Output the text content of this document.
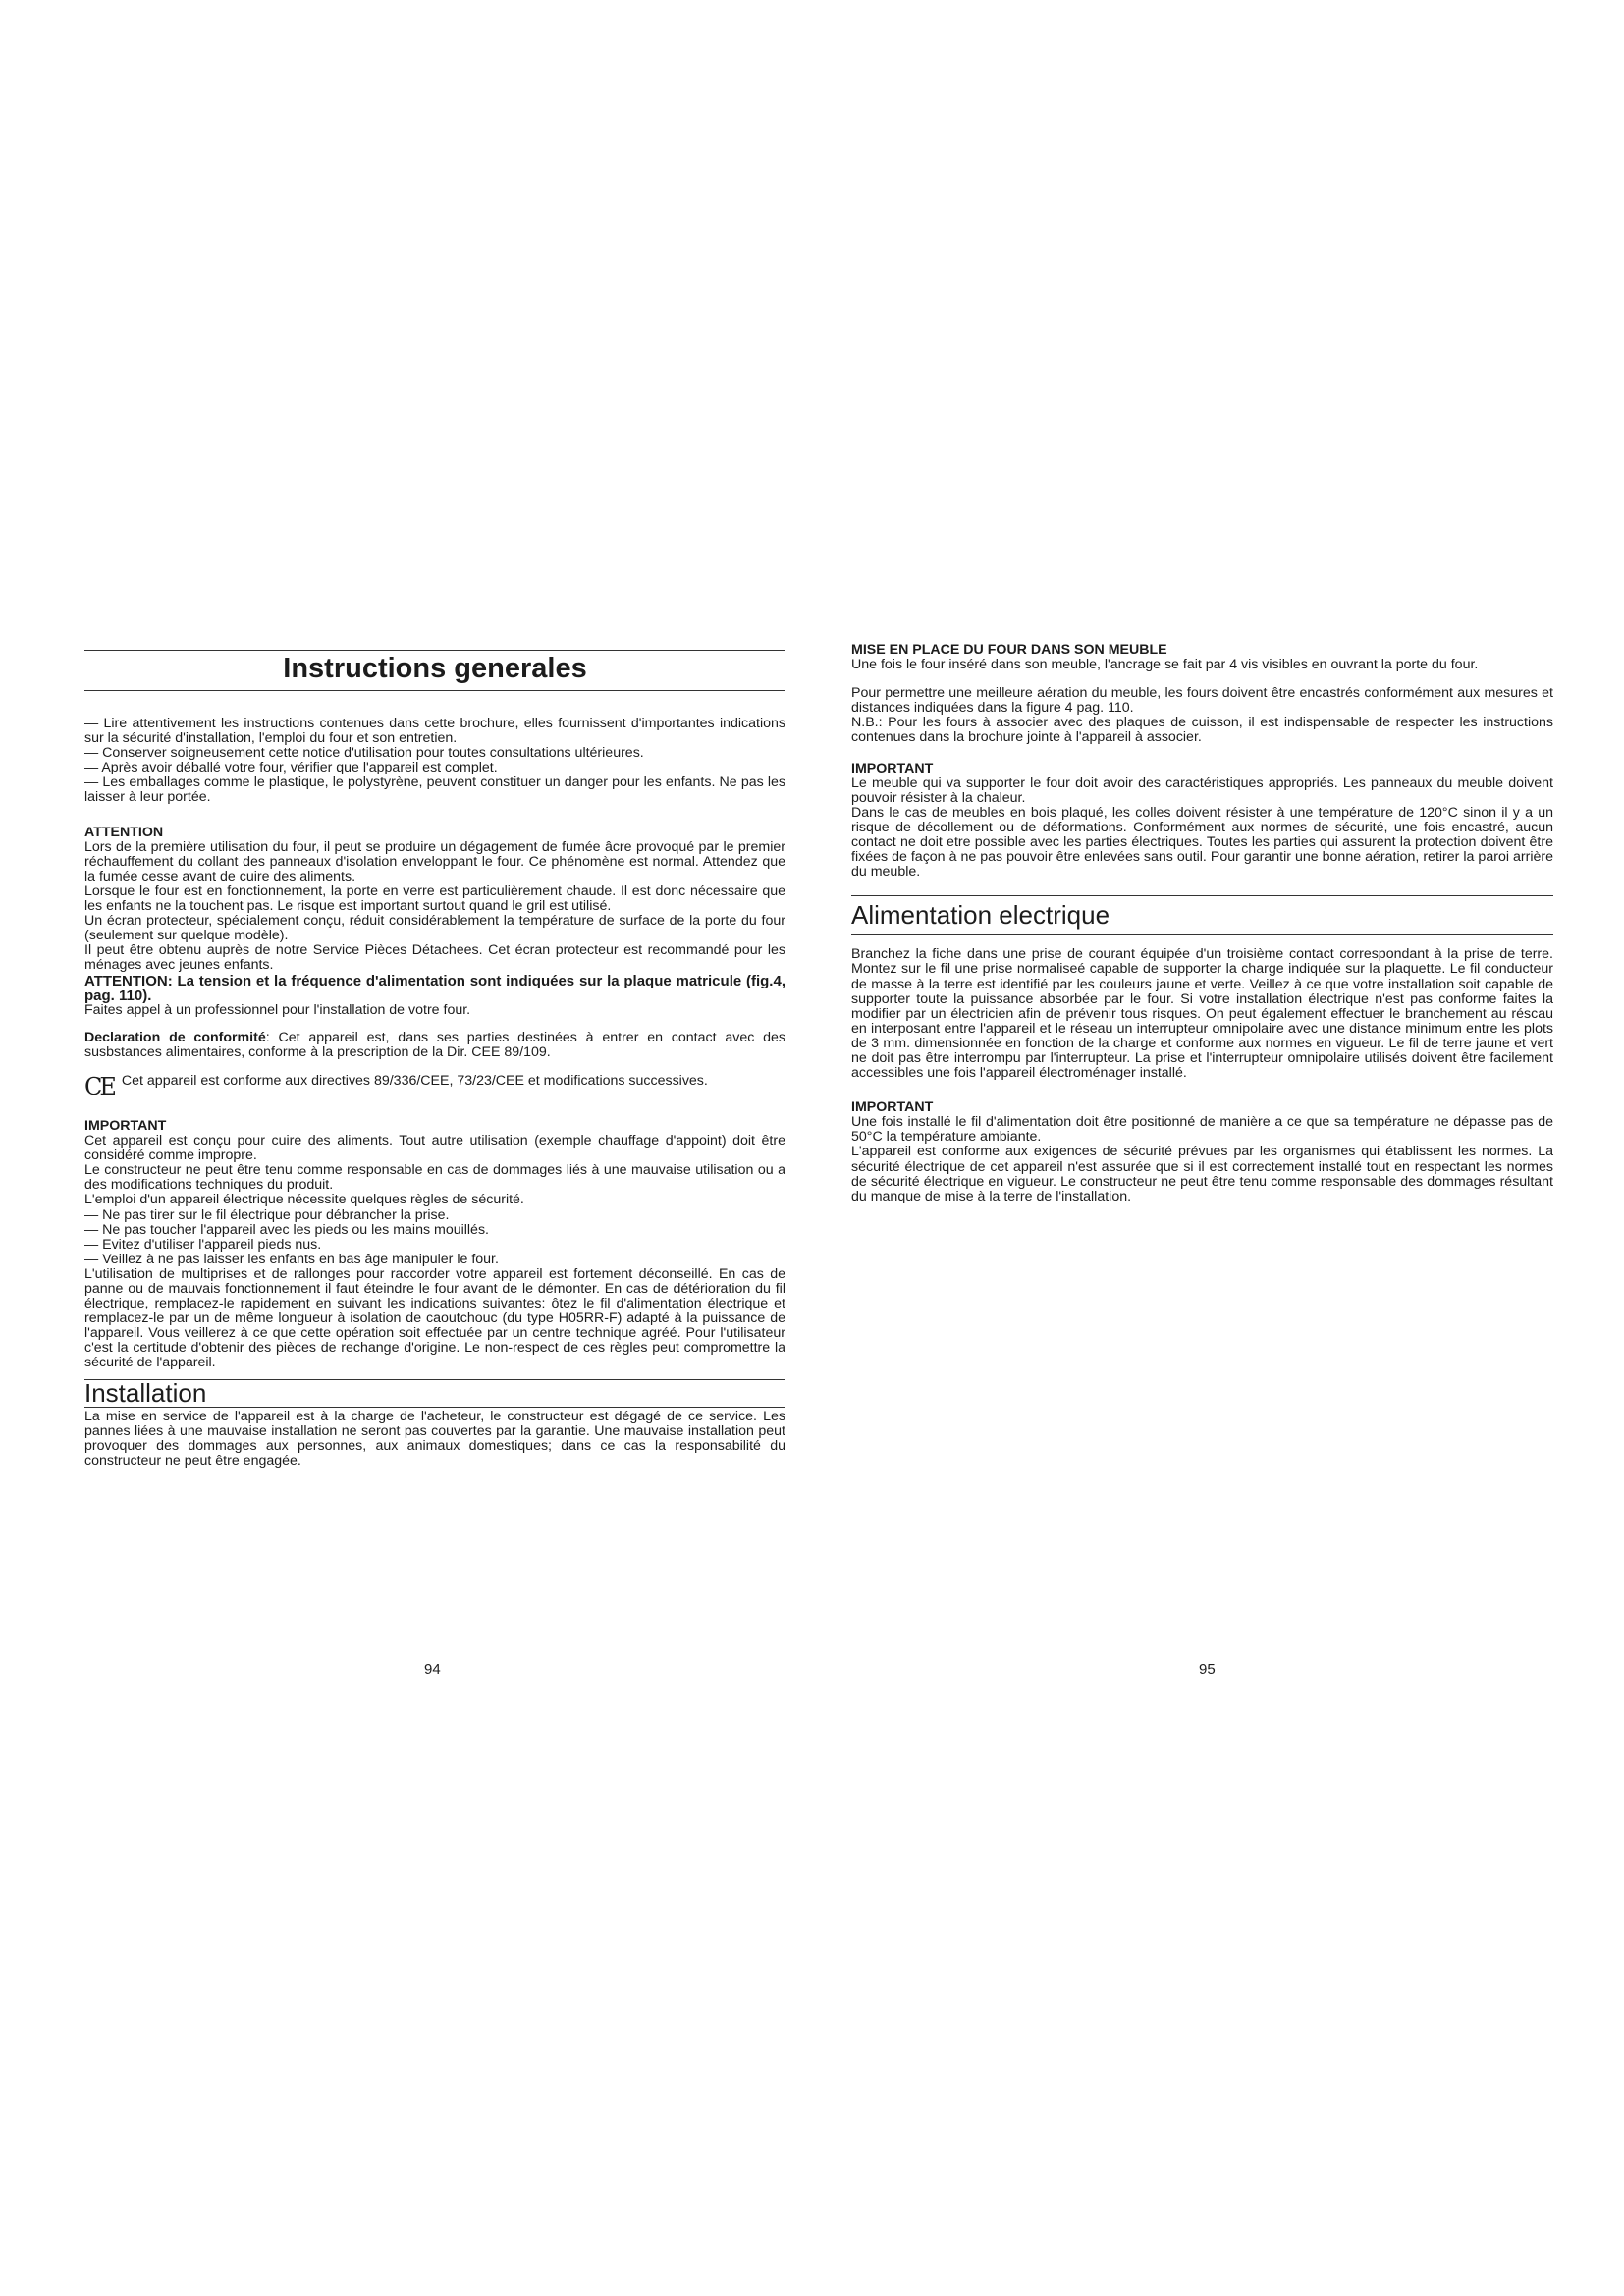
Instructions generales

— Lire attentivement les instructions contenues dans cette brochure, elles fournissent d'importantes indications sur la sécurité d'installation, l'emploi du four et son entretien.

— Conserver soigneusement cette notice d'utilisation pour toutes consultations ultérieures.

— Après avoir déballé votre four, vérifier que l'appareil est complet.

— Les emballages comme le plastique, le polystyrène, peuvent constituer un danger pour les enfants. Ne pas les laisser à leur portée.

ATTENTION

Lors de la première utilisation du four, il peut se produire un dégagement de fumée âcre provoqué par le premier réchauffement du collant des panneaux d'isolation enveloppant le four. Ce phénomène est normal. Attendez que la fumée cesse avant de cuire des aliments.

Lorsque le four est en fonctionnement, la porte en verre est particulièrement chaude. Il est donc nécessaire que les enfants ne la touchent pas. Le risque est important surtout quand le gril est utilisé.

Un écran protecteur, spécialement conçu, réduit considérablement la température de surface de la porte du four (seulement sur quelque modèle).

Il peut être obtenu auprès de notre Service Pièces Détachees. Cet écran protecteur est recommandé pour les ménages avec jeunes enfants.

ATTENTION: La tension et la fréquence d'alimentation sont indiquées sur la plaque matricule (fig.4, pag. 110).

Faites appel à un professionnel pour l'installation de votre four.

Declaration de conformité: Cet appareil est, dans ses parties destinées à entrer en contact avec des susbstances alimentaires, conforme à la prescription de la Dir. CEE 89/109.

CE Cet appareil est conforme aux directives 89/336/CEE, 73/23/CEE et modifications successives.

IMPORTANT

Cet appareil est conçu pour cuire des aliments. Tout autre utilisation (exemple chauffage d'appoint) doit être considéré comme impropre.

Le constructeur ne peut être tenu comme responsable en cas de dommages liés à une mauvaise utilisation ou a des modifications techniques du produit.

L'emploi d'un appareil électrique nécessite quelques règles de sécurité.

— Ne pas tirer sur le fil électrique pour débrancher la prise.

— Ne pas toucher l'appareil avec les pieds ou les mains mouillés.

— Evitez d'utiliser l'appareil pieds nus.

— Veillez à ne pas laisser les enfants en bas âge manipuler le four.

L'utilisation de multiprises et de rallonges pour raccorder votre appareil est fortement déconseillé. En cas de panne ou de mauvais fonctionnement il faut éteindre le four avant de le démonter. En cas de détérioration du fil électrique, remplacez-le rapidement en suivant les indications suivantes: ôtez le fil d'alimentation électrique et remplacez-le par un de même longueur à isolation de caoutchouc (du type H05RR-F) adapté à la puissance de l'appareil. Vous veillerez à ce que cette opération soit effectuée par un centre technique agréé. Pour l'utilisateur c'est la certitude d'obtenir des pièces de rechange d'origine. Le non-respect de ces règles peut compromettre la sécurité de l'appareil.

Installation

La mise en service de l'appareil est à la charge de l'acheteur, le constructeur est dégagé de ce service. Les pannes liées à une mauvaise installation ne seront pas couvertes par la garantie. Une mauvaise installation peut provoquer des dommages aux personnes, aux animaux domestiques; dans ce cas la responsabilité du constructeur ne peut être engagée.

94
MISE EN PLACE DU FOUR DANS SON MEUBLE

Une fois le four inséré dans son meuble, l'ancrage se fait par 4 vis visibles en ouvrant la porte du four.

Pour permettre une meilleure aération du meuble, les fours doivent être encastrés conformément aux mesures et distances indiquées dans la figure 4 pag. 110.

N.B.: Pour les fours à associer avec des plaques de cuisson, il est indispensable de respecter les instructions contenues dans la brochure jointe à l'appareil à associer.

IMPORTANT

Le meuble qui va supporter le four doit avoir des caractéristiques appropriés. Les panneaux du meuble doivent pouvoir résister à la chaleur.

Dans le cas de meubles en bois plaqué, les colles doivent résister à une température de 120°C sinon il y a un risque de décollement ou de déformations. Conformément aux normes de sécurité, une fois encastré, aucun contact ne doit etre possible avec les parties électriques. Toutes les parties qui assurent la protection doivent être fixées de façon à ne pas pouvoir être enlevées sans outil. Pour garantir une bonne aération, retirer la paroi arrière du meuble.

Alimentation electrique

Branchez la fiche dans une prise de courant équipée d'un troisième contact correspondant à la prise de terre. Montez sur le fil une prise normaliseé capable de supporter la charge indiquée sur la plaquette. Le fil conducteur de masse à la terre est identifié par les couleurs jaune et verte. Veillez à ce que votre installation soit capable de supporter toute la puissance absorbée par le four. Si votre installation électrique n'est pas conforme faites la modifier par un électricien afin de prévenir tous risques. On peut également effectuer le branchement au réscau en interposant entre l'appareil et le réseau un interrupteur omnipolaire avec une distance minimum entre les plots de 3 mm. dimensionnée en fonction de la charge et conforme aux normes en vigueur. Le fil de terre jaune et vert ne doit pas être interrompu par l'interrupteur. La prise et l'interrupteur omnipolaire utilisés doivent être facilement accessibles une fois l'appareil électroménager installé.

IMPORTANT

Une fois installé le fil d'alimentation doit être positionné de manière a ce que sa température ne dépasse pas de 50°C la température ambiante.

L'appareil est conforme aux exigences de sécurité prévues par les organismes qui établissent les normes. La sécurité électrique de cet appareil n'est assurée que si il est correctement installé tout en respectant les normes de sécurité électrique en vigueur. Le constructeur ne peut être tenu comme responsable des dommages résultant du manque de mise à la terre de l'installation.

95
